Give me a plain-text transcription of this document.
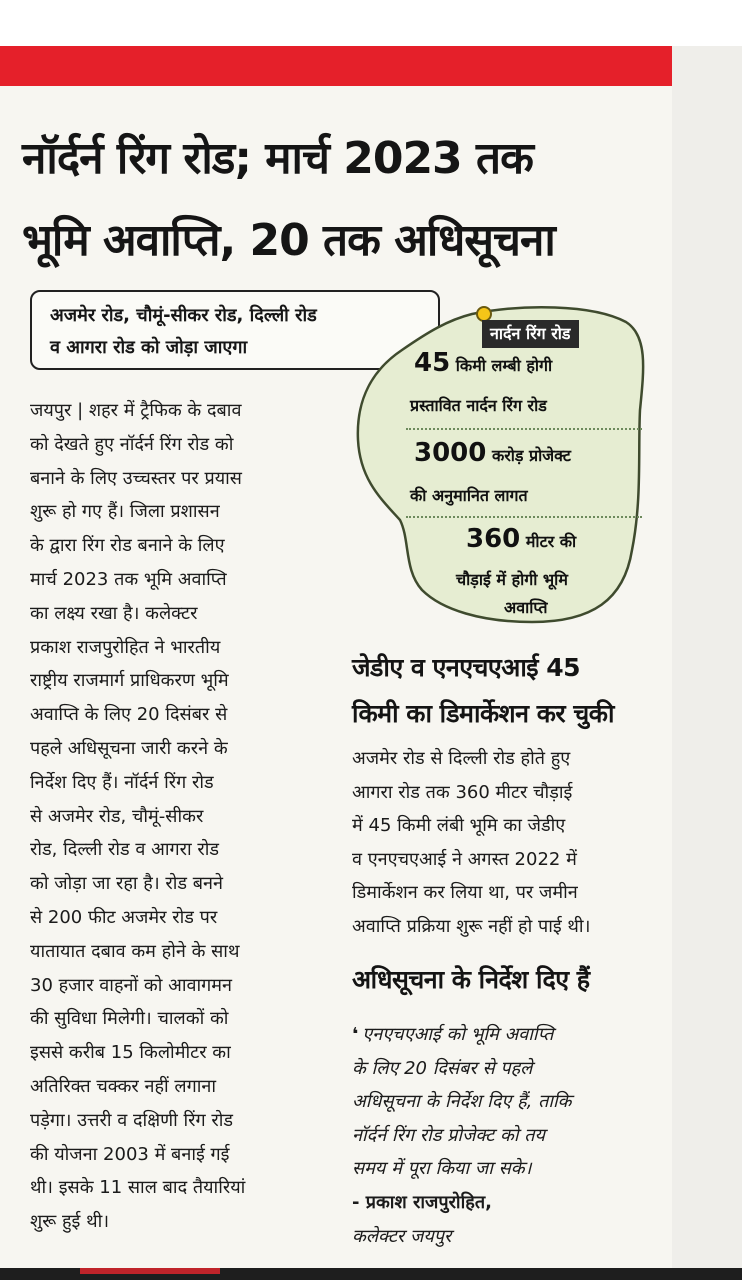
नॉर्दर्न रिंग रोड; मार्च 2023 तक
भूमि अवाप्ति, 20 तक अधिसूचना
अजमेर रोड, चौमूं-सीकर रोड, दिल्ली रोड
व आगरा रोड को जोड़ा जाएगा
नार्दन रिंग रोड
45 किमी लम्बी होगी
प्रस्तावित नार्दन रिंग रोड
3000 करोड़ प्रोजेक्ट
की अनुमानित लागत
360 मीटर की
चौड़ाई में होगी भूमि
अवाप्ति
जयपुर | शहर में ट्रैफिक के दबाव
को देखते हुए नॉर्दर्न रिंग रोड को
बनाने के लिए उच्चस्तर पर प्रयास
शुरू हो गए हैं। जिला प्रशासन
के द्वारा रिंग रोड बनाने के लिए
मार्च 2023 तक भूमि अवाप्ति
का लक्ष्य रखा है। कलेक्टर
प्रकाश राजपुरोहित ने भारतीय
राष्ट्रीय राजमार्ग प्राधिकरण भूमि
अवाप्ति के लिए 20 दिसंबर से
पहले अधिसूचना जारी करने के
निर्देश दिए हैं। नॉर्दर्न रिंग रोड
से अजमेर रोड, चौमूं-सीकर
रोड, दिल्ली रोड व आगरा रोड
को जोड़ा जा रहा है। रोड बनने
से 200 फीट अजमेर रोड पर
यातायात दबाव कम होने के साथ
30 हजार वाहनों को आवागमन
की सुविधा मिलेगी। चालकों को
इससे करीब 15 किलोमीटर का
अतिरिक्त चक्कर नहीं लगाना
पड़ेगा। उत्तरी व दक्षिणी रिंग रोड
की योजना 2003 में बनाई गई
थी। इसके 11 साल बाद तैयारियां
शुरू हुई थी।
जेडीए व एनएचएआई 45
किमी का डिमार्केशन कर चुकी
अजमेर रोड से दिल्ली रोड होते हुए
आगरा रोड तक 360 मीटर चौड़ाई
में 45 किमी लंबी भूमि का जेडीए
व एनएचएआई ने अगस्त 2022 में
डिमार्केशन कर लिया था, पर जमीन
अवाप्ति प्रक्रिया शुरू नहीं हो पाई थी।
अधिसूचना के निर्देश दिए हैं
❛ एनएचएआई को भूमि अवाप्ति
के लिए 20 दिसंबर से पहले
अधिसूचना के निर्देश दिए हैं, ताकि
नॉर्दर्न रिंग रोड प्रोजेक्ट को तय
समय में पूरा किया जा सके।
- प्रकाश राजपुरोहित,
कलेक्टर जयपुर
